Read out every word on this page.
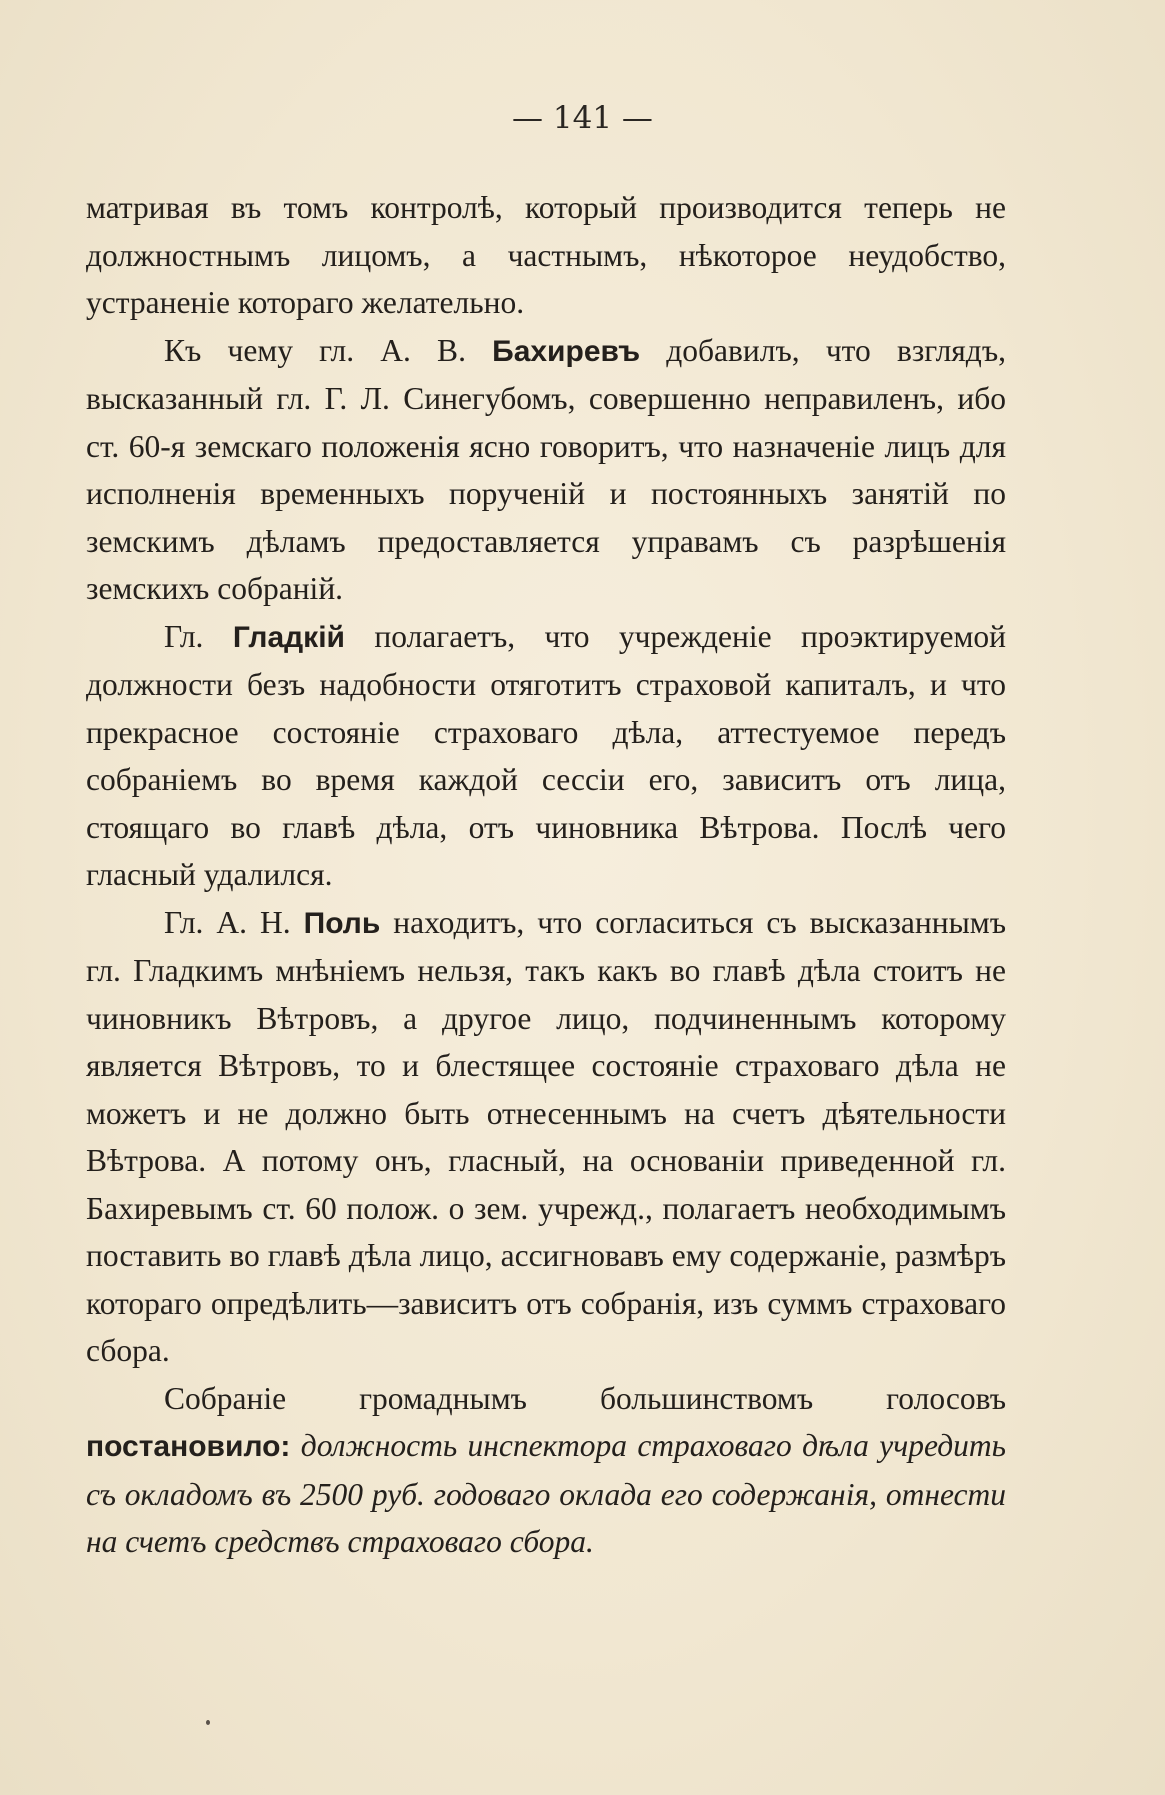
— 141 —

матривая въ томъ контролѣ, который производится теперь не должностнымъ лицомъ, а частнымъ, нѣкоторое неудобство, устраненіе котораго желательно.

Къ чему гл. А. В. Бахиревъ добавилъ, что взглядъ, высказанный гл. Г. Л. Синегубомъ, совершенно неправиленъ, ибо ст. 60-я земскаго положенія ясно говоритъ, что назначеніе лицъ для исполненія временныхъ порученій и постоянныхъ занятій по земскимъ дѣламъ предоставляется управамъ съ разрѣшенія земскихъ собраній.

Гл. Гладкій полагаетъ, что учрежденіе проэктируемой должности безъ надобности отяготитъ страховой капиталъ, и что прекрасное состояніе страховаго дѣла, аттестуемое передъ собраніемъ во время каждой сессіи его, зависитъ отъ лица, стоящаго во главѣ дѣла, отъ чиновника Вѣтрова. Послѣ чего гласный удалился.

Гл. А. Н. Поль находитъ, что согласиться съ высказаннымъ гл. Гладкимъ мнѣніемъ нельзя, такъ какъ во главѣ дѣла стоитъ не чиновникъ Вѣтровъ, а другое лицо, подчиненнымъ которому является Вѣтровъ, то и блестящее состояніе страховаго дѣла не можетъ и не должно быть отнесеннымъ на счетъ дѣятельности Вѣтрова. А потому онъ, гласный, на основаніи приведенной гл. Бахиревымъ ст. 60 полож. о зем. учрежд., полагаетъ необходимымъ поставить во главѣ дѣла лицо, ассигновавъ ему содержаніе, размѣръ котораго опредѣлить—зависитъ отъ собранія, изъ суммъ страховаго сбора.

Собраніе громаднымъ большинствомъ голосовъ постановило: должность инспектора страховаго дѣла учредить съ окладомъ въ 2500 руб. годоваго оклада его содержанія, отнести на счетъ средствъ страховаго сбора.
